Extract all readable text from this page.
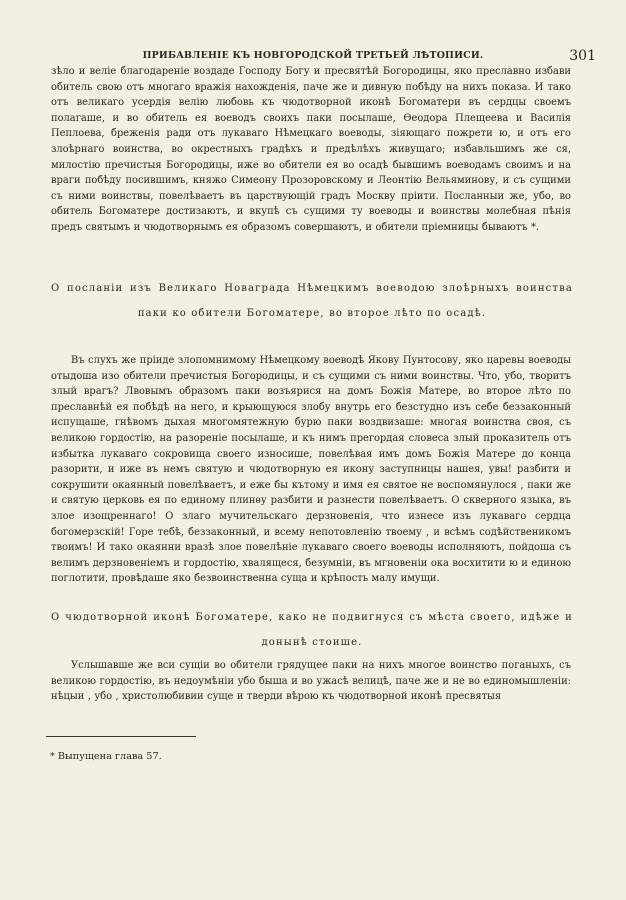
ПРИБАВЛЕНІЕ КЪ НОВГОРОДСКОЙ ТРЕТЬЕЙ ЛѢТОПИСИ.	301

зѣло и веліе благодареніе воздаде Господу Богу и пресвятѣй Богородицы, яко преславно избави обитель свою отъ многаго вражія нахожденія, паче же и дивную побѣду на нихъ показа. И тако отъ великаго усердія велію любовь къ чюдотворной иконѣ Богоматери въ сердцы своемъ полагаше, и во обитель ея воеводъ своихъ паки посылаше, Ѳеодора Плещеева и Василія Пеплоева, бреженія ради отъ лукаваго Нѣмецкаго воеводы, зіяющаго пожрети ю, и отъ его злоѣрнаго воинства, во окрестныхъ градѣхъ и предѣлѣхъ живущаго; избавльшимъ же ся, милостію пречистыя Богородицы, иже во обители ея во осадѣ бывшимъ воеводамъ своимъ и на враги побѣду посившимъ, княжо Симеону Прозоровскому и Леонтію Вельяминову, и съ сущими съ ними воинствы, повелѣваетъ въ царствующій градъ Москву пріити. Посланныи же, убо, во обитель Богоматере достизаютъ, и вкупѣ съ сущими ту воеводы и воинствы молебная пѣнія предъ святымъ и чюдотворнымъ ея образомъ совершаютъ, и обители пріемницы бываютъ *.

О посланіи изъ Великаго Новаграда Нѣмецкимъ воеводою злоѣрныхъ воинства паки ко обители Богоматере, во второе лѣто по осадѣ.

Въ слухъ же пріиде злопомнимому Нѣмецкому воеводѣ Якову Пунтосову, яко царевы воеводы отыдоша изо обители пречистыя Богородицы, и съ сущими съ ними воинствы. Что, убо, творитъ злый врагъ? Лвовымъ образомъ паки возъярися на домъ Божія Матере, во второе лѣто по преславнѣй ея побѣдѣ на него, и крыющуюся злобу внутрь его безстудно изъ себе беззаконный испущаше, гнѣвомъ дыхая многомятежную бурю паки воздвизаше: многая воинства своя, съ великою гордостію, на разореніе посылаше, и къ нимъ прегордая словеса злый проказитель отъ избытка лукаваго сокровища своего износише, повелѣвая имъ домъ Божія Матере до конца разорити, и иже въ немъ святую и чюдотворную ея икону заступницы нашея, увы! разбити и сокрушити окаянный повелѣваетъ, и еже бы кътому и имя ея святое не воспомянулося , паки же и святую церковь ея по единому плинѳу разбити и разнести повелѣваетъ. О скверного языка, въ злое изощреннаго! О злаго мучительскаго дерзновенія, что изнесе изъ лукаваго сердца богомерзскій! Горе тебѣ, беззаконный, и всему непотовленію твоему , и всѣмъ содѣйственикомъ твоимъ! И тако окаянни вразѣ злое повелѣніе лукаваго своего воеводы исполняютъ, пойдоша съ велимъ дерзновеніемъ и гордостію, хвалящеся, безумніи, въ мгновеніи ока восхитити ю и единою поглотити, провѣдаше яко безвоинственна суща и крѣпость малу имущи.

О чюдотворной иконѣ Богоматере, како не подвигнуся съ мѣста своего, идѣже и донынѣ стоише.

Услышавше же вси сущіи во обители грядущее паки на нихъ многое воинство поганыхъ, съ великою гордостію, въ недоумѣніи убо быша и во ужасѣ велицѣ, паче же и не во единомышленіи: нѣцыи , убо , христолюбивии суще и тверди вѣрою къ чюдотворной иконѣ пресвятыя

* Выпущена глава 57.
